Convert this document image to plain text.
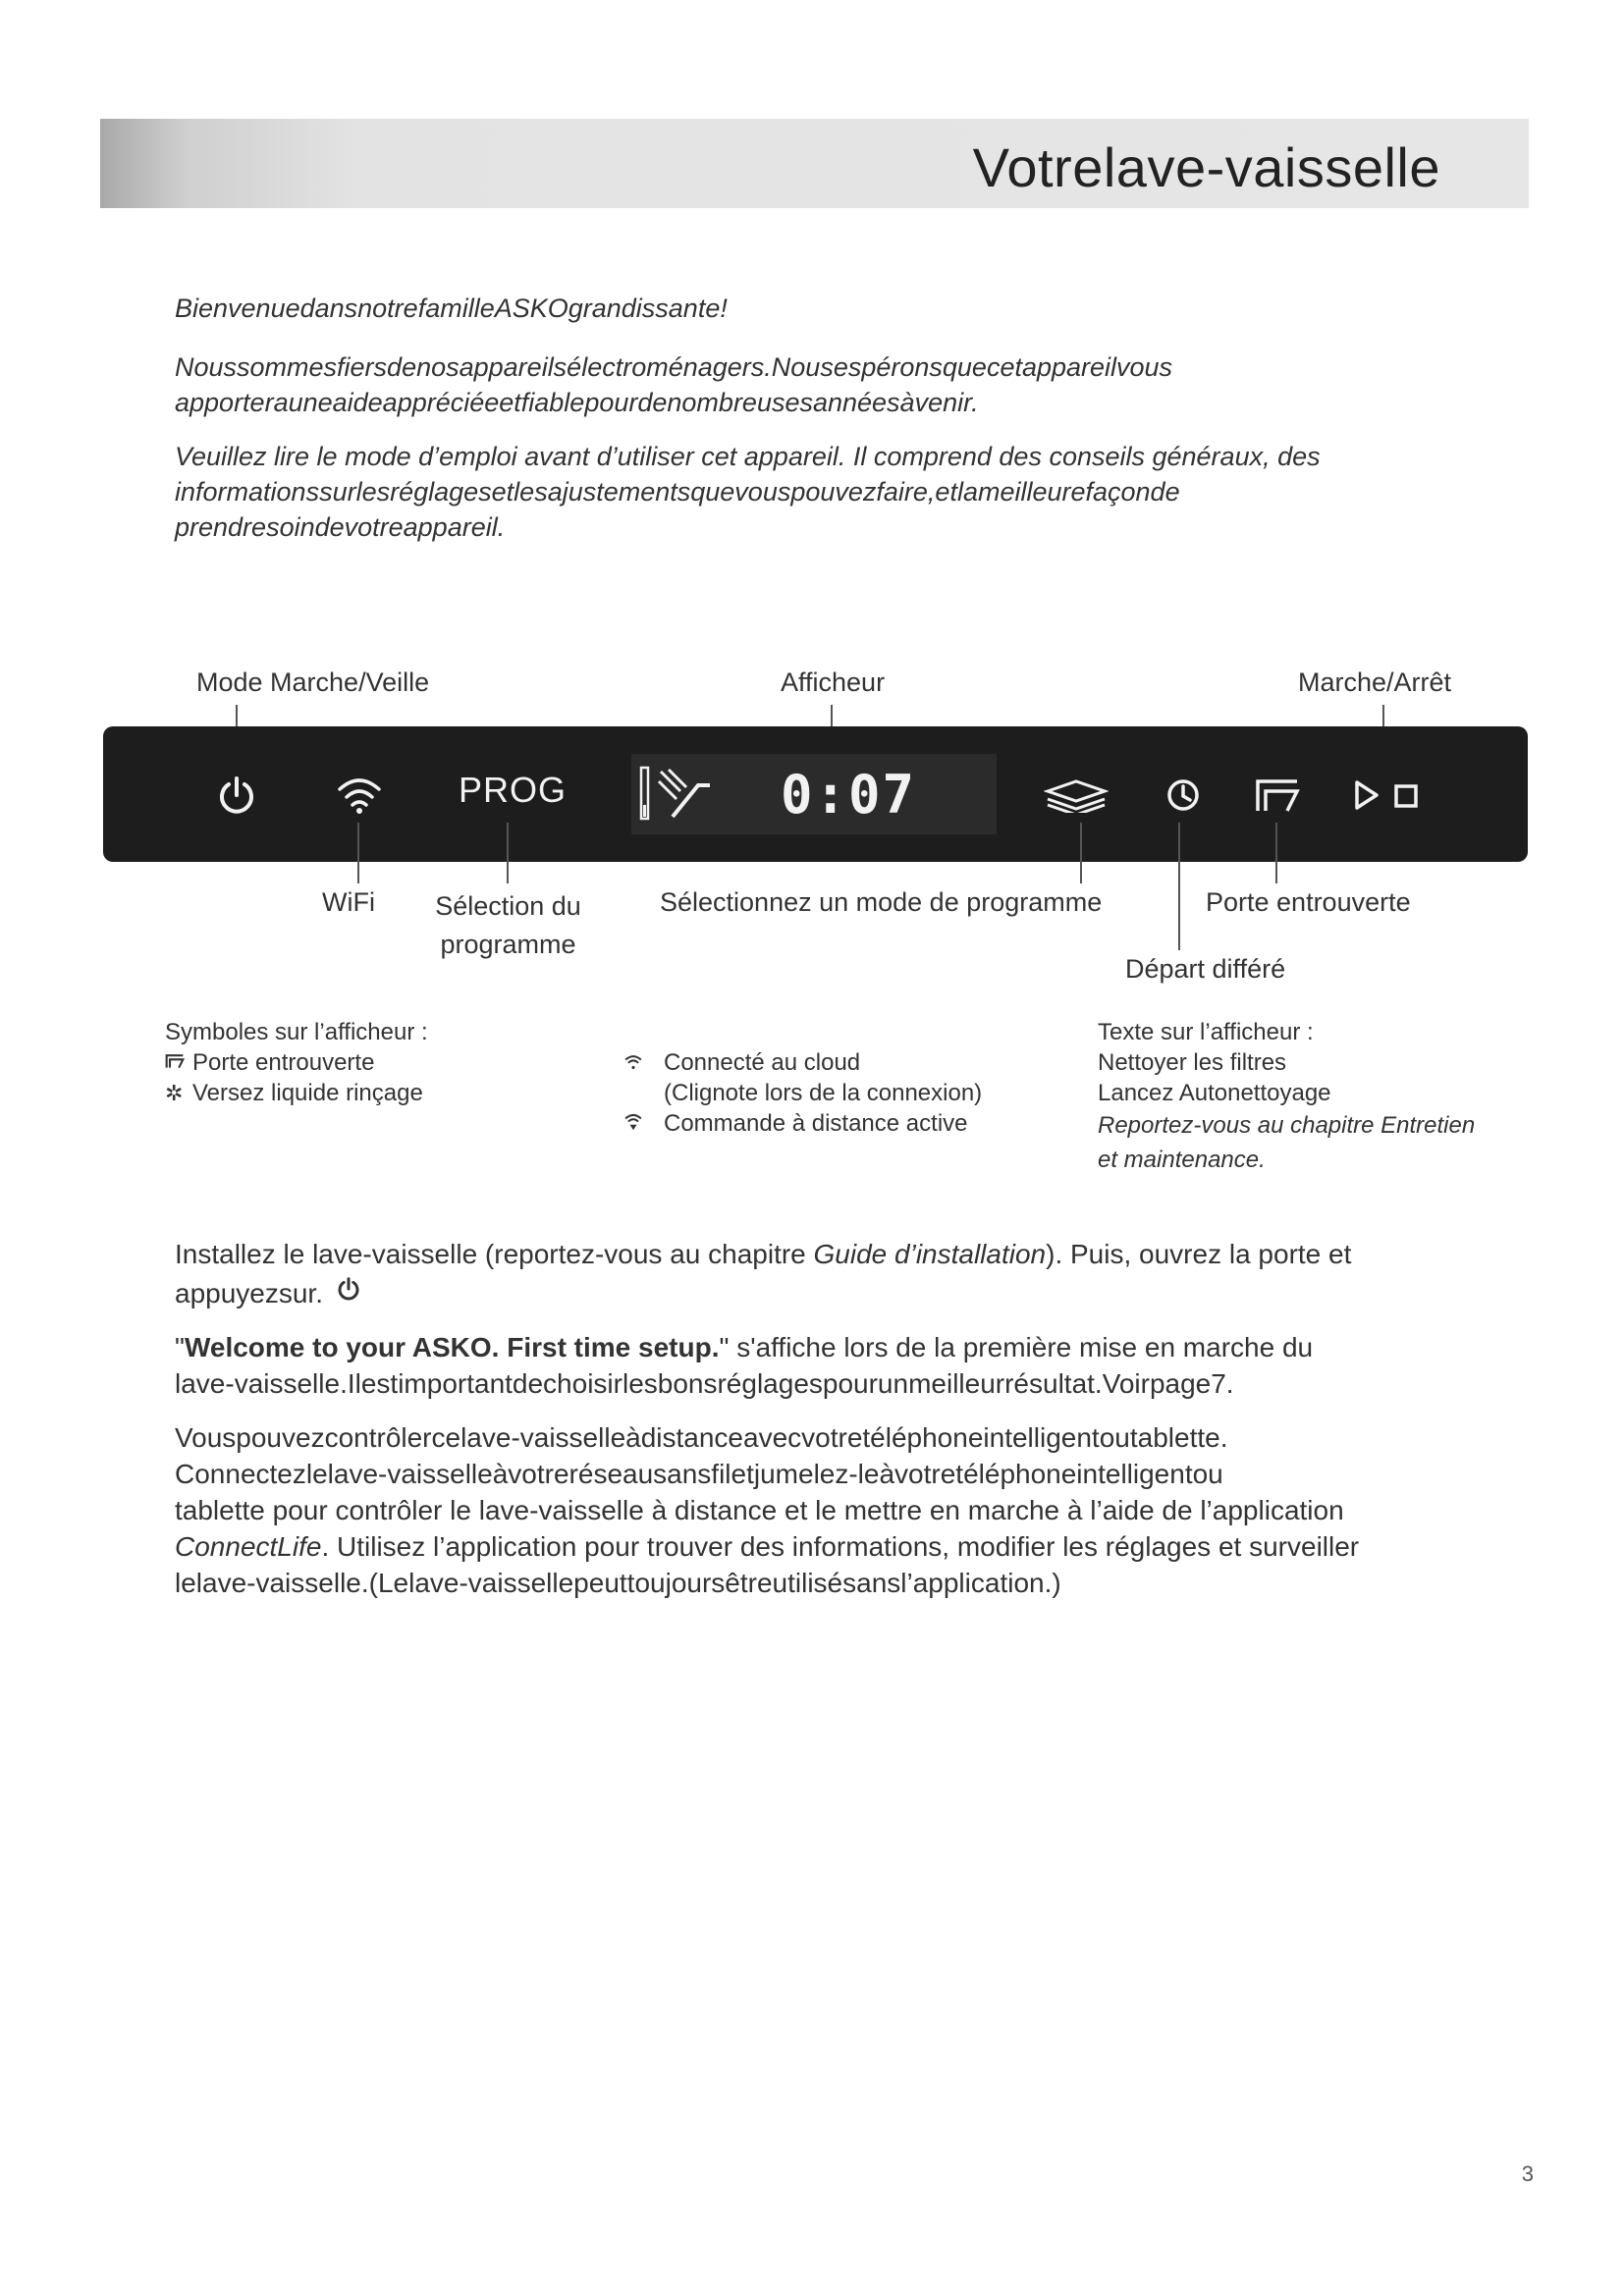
Votrelave-vaisselle

BienvenuedansnotrefamilleASKOgrandissante!

Noussommesfiersdenosappareilsélectroménagers.Nousespéronsquecetappareilvous

apporterauneaideappréciéeetfiablepourdenombreusesannéesàvenir.

Veuillez lire le mode d’emploi avant d’utiliser cet appareil. Il comprend des conseils généraux, des

informationssurlesréglagesetlesajustementsquevouspouvezfaire,etlameilleurefaçonde

prendresoindevotreappareil.

Mode Marche/Veille	Afficheur	Marche/Arrêt
PROG	0:07
WiFi	Sélection du
programme
Sélectionnez un mode de programme	Porte entrouverte
Départ différé
Symboles sur l’afficheur :
Porte entrouverte
✲ Versez liquide rinçage
Connecté au cloud
(Clignote lors de la connexion)
Commande à distance active
Texte sur l’afficheur :
Nettoyer les filtres
Lancez Autonettoyage
Reportez-vous au chapitre Entretien
et maintenance.

Installez le lave-vaisselle (reportez-vous au chapitre Guide d’installation). Puis, ouvrez la porte et

appuyezsur.

"Welcome to your ASKO. First time setup." s'affiche lors de la première mise en marche du

lave-vaisselle.Ilestimportantdechoisirlesbonsréglagespourunmeilleurrésultat.Voirpage7.

Vouspouvezcontrôlercelave-vaisselleàdistanceavecvotretéléphoneintelligentoutablette.

Connectezlelave-vaisselleàvotreréseausansfiletjumelez-leàvotretéléphoneintelligentou

tablette pour contrôler le lave-vaisselle à distance et le mettre en marche à l’aide de l’application

ConnectLife. Utilisez l’application pour trouver des informations, modifier les réglages et surveiller

lelave-vaisselle.(Lelave-vaissellepeuttoujoursêtreutilisésansl’application.)

3
